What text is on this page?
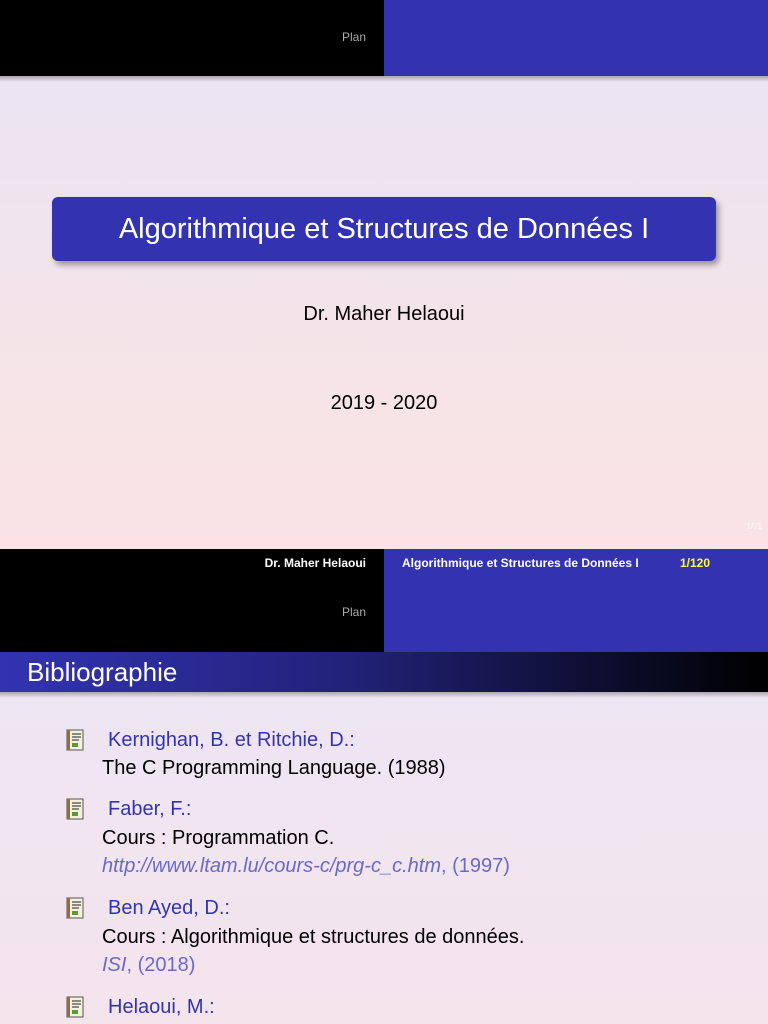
Plan
Algorithmique et Structures de Données I
Dr. Maher Helaoui
2019 - 2020
1/71
Dr. Maher Helaoui	Algorithmique et Structures de Données I	1/120
Plan
Bibliographie
Kernighan, B. et Ritchie, D.:
The C Programming Language. (1988)
Faber, F.:
Cours : Programmation C.
http://www.ltam.lu/cours-c/prg-c_c.htm, (1997)
Ben Ayed, D.:
Cours : Algorithmique et structures de données.
ISI, (2018)
Helaoui, M.:
